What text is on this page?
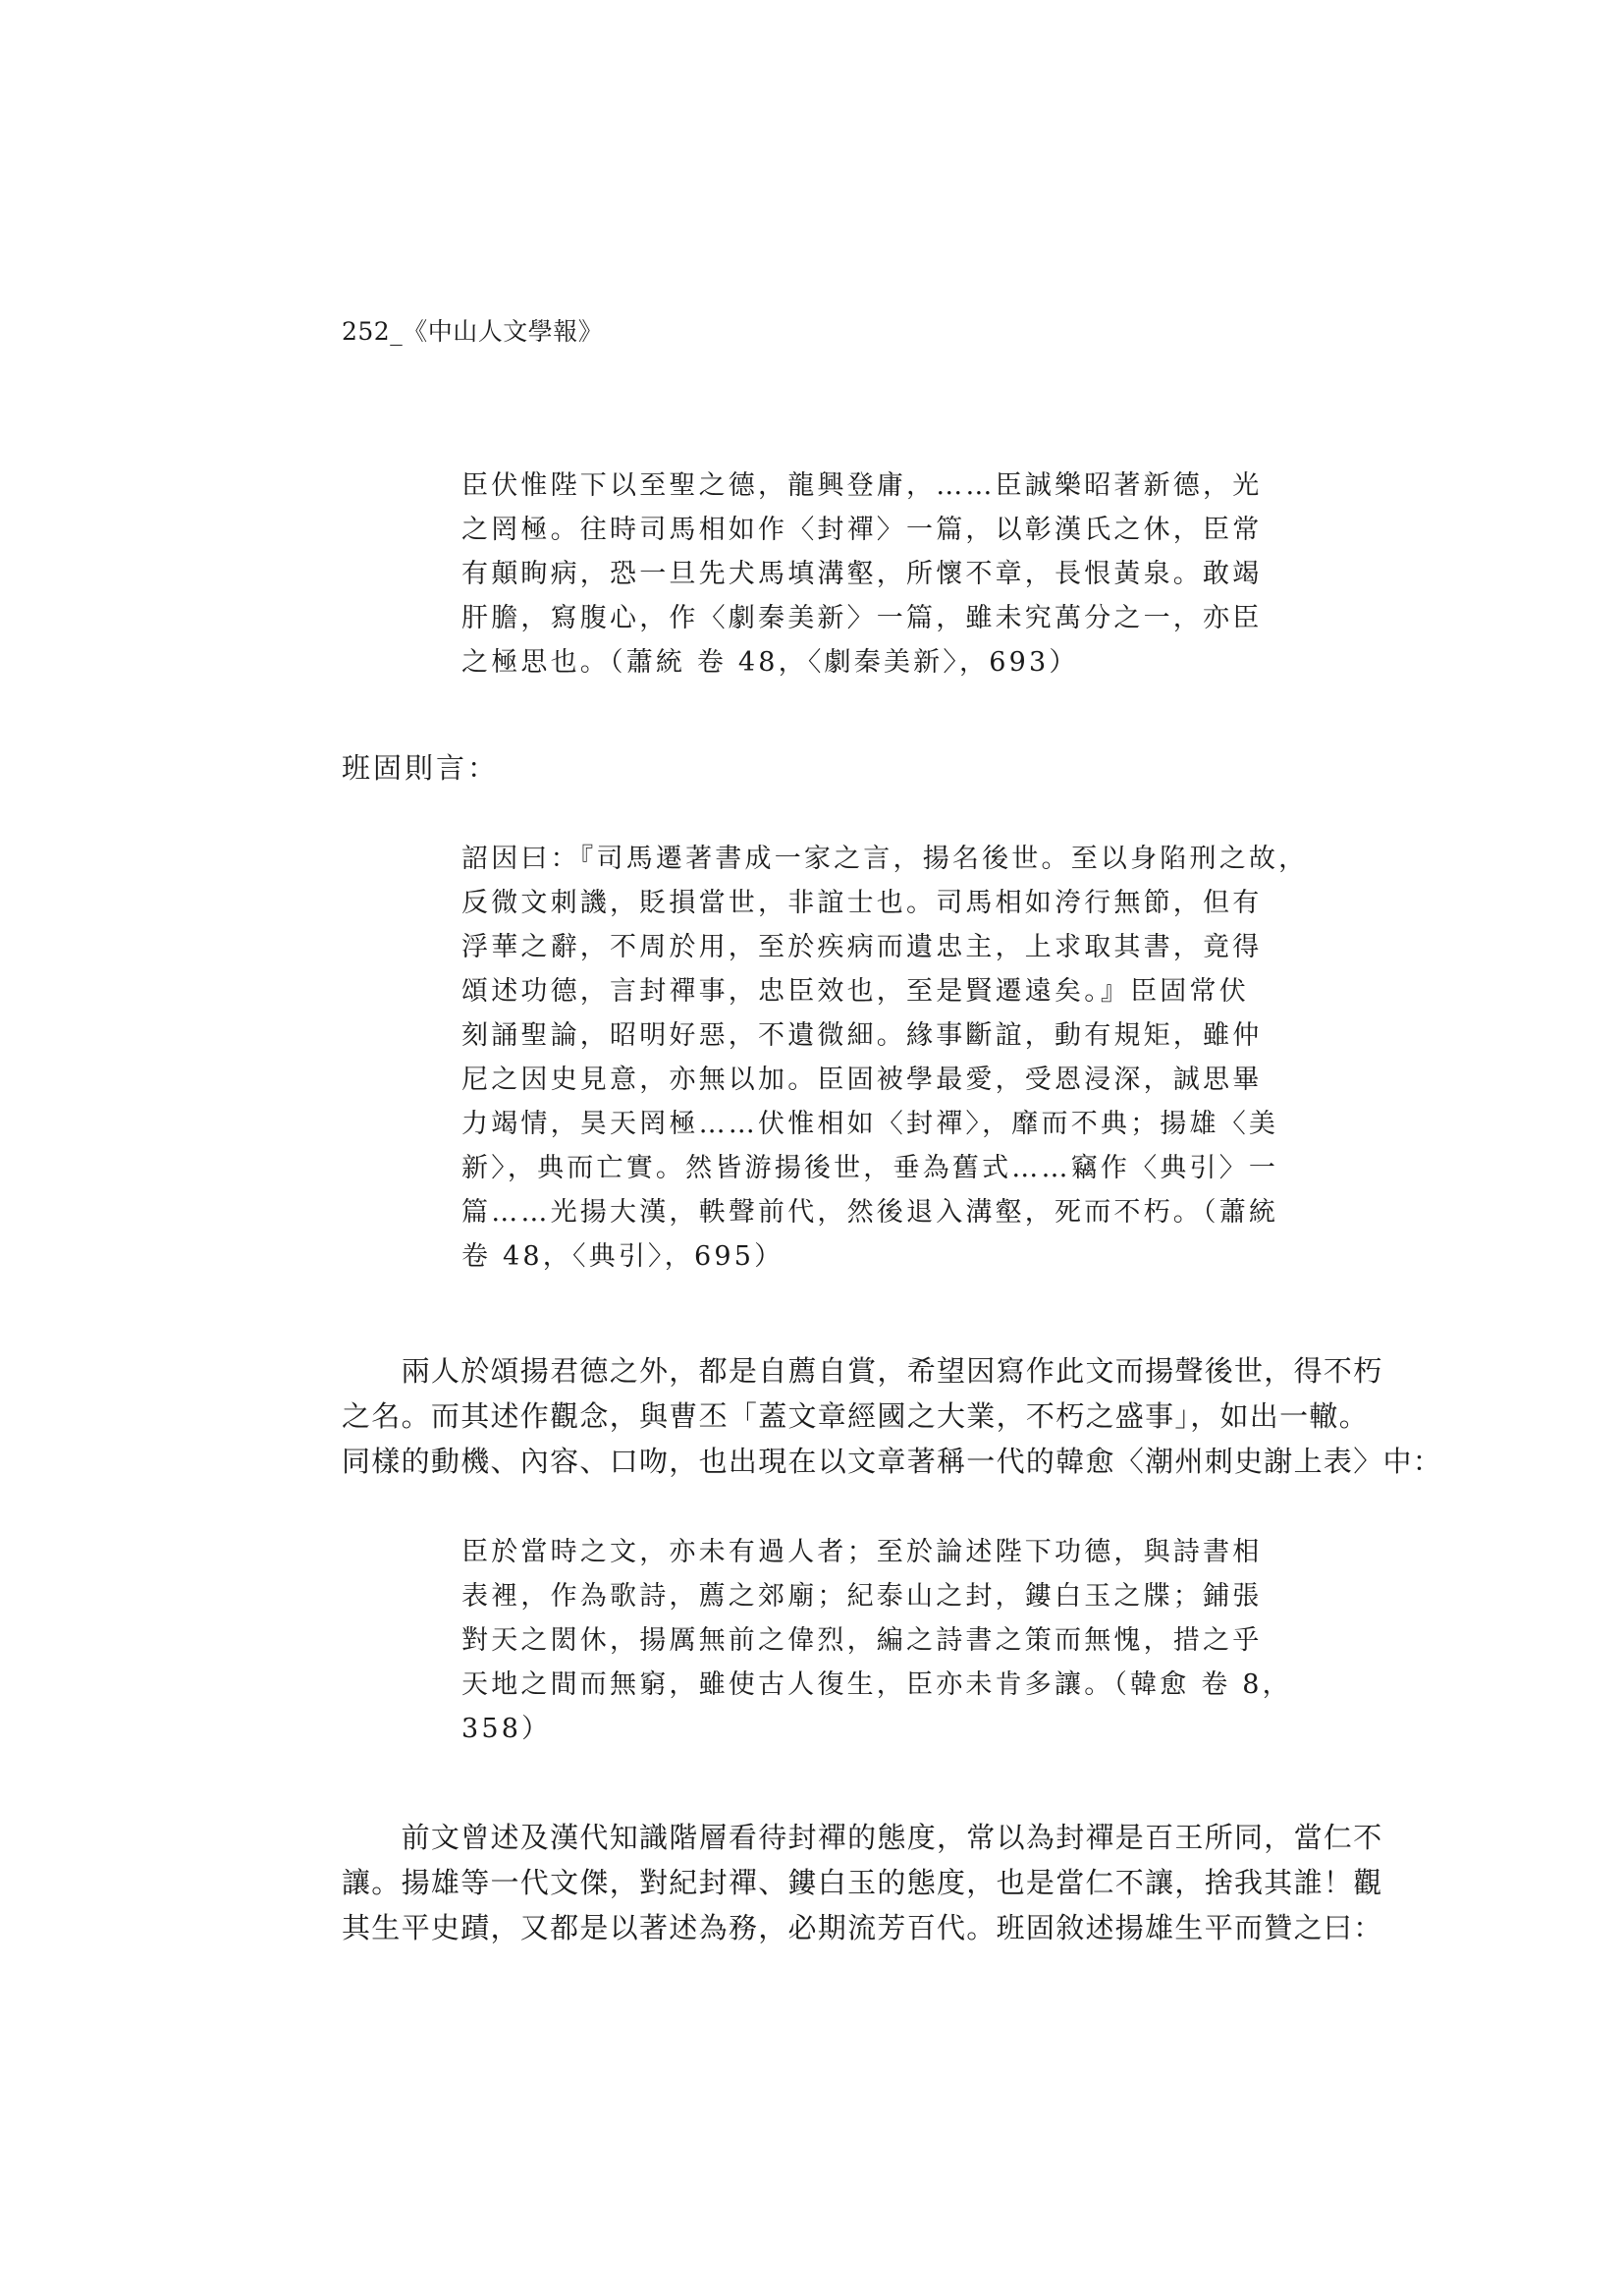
252_《中山人文學報》
臣伏惟陛下以至聖之德，龍興登庸，……臣誠樂昭著新德，光
之罔極。往時司馬相如作〈封禪〉一篇，以彰漢氏之休，臣常
有顛眴病，恐一旦先犬馬填溝壑，所懷不章，長恨黃泉。敢竭
肝膽，寫腹心，作〈劇秦美新〉一篇，雖未究萬分之一，亦臣
之極思也。（蕭統 卷 48，〈劇秦美新〉，693）
班固則言：
詔因曰：『司馬遷著書成一家之言，揚名後世。至以身陷刑之故，
反微文刺譏，貶損當世，非誼士也。司馬相如洿行無節，但有
浮華之辭，不周於用，至於疾病而遺忠主，上求取其書，竟得
頌述功德，言封禪事，忠臣效也，至是賢遷遠矣。』臣固常伏
刻誦聖論，昭明好惡，不遺微細。緣事斷誼，動有規矩，雖仲
尼之因史見意，亦無以加。臣固被學最愛，受恩浸深，誠思畢
力竭情，昊天罔極……伏惟相如〈封禪〉，靡而不典；揚雄〈美
新〉，典而亡實。然皆游揚後世，垂為舊式……竊作〈典引〉一
篇……光揚大漢，軼聲前代，然後退入溝壑，死而不朽。（蕭統
卷 48，〈典引〉，695）
　　兩人於頌揚君德之外，都是自薦自賞，希望因寫作此文而揚聲後世，得不朽
之名。而其述作觀念，與曹丕「蓋文章經國之大業，不朽之盛事」，如出一轍。
同樣的動機、內容、口吻，也出現在以文章著稱一代的韓愈〈潮州刺史謝上表〉中：
臣於當時之文，亦未有過人者；至於論述陛下功德，與詩書相
表裡，作為歌詩，薦之郊廟；紀泰山之封，鏤白玉之牒；鋪張
對天之閎休，揚厲無前之偉烈，編之詩書之策而無愧，措之乎
天地之間而無窮，雖使古人復生，臣亦未肯多讓。（韓愈 卷 8，
358）
　　前文曾述及漢代知識階層看待封禪的態度，常以為封禪是百王所同，當仁不
讓。揚雄等一代文傑，對紀封禪、鏤白玉的態度，也是當仁不讓，捨我其誰！觀
其生平史蹟，又都是以著述為務，必期流芳百代。班固敘述揚雄生平而贊之曰：
